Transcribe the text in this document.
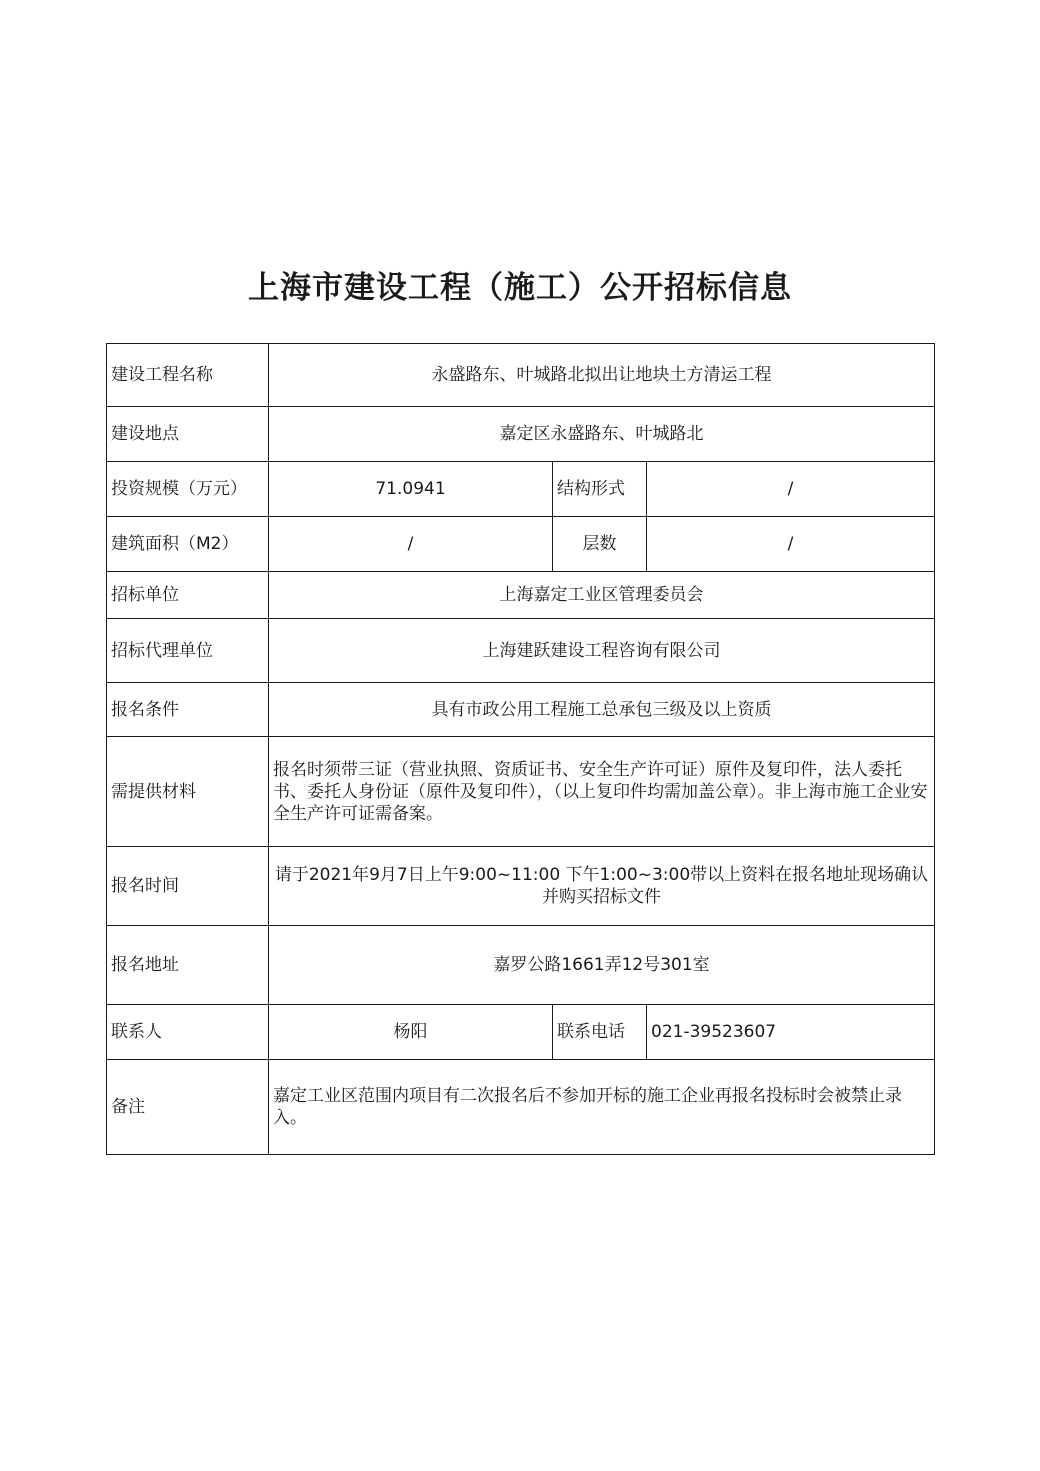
上海市建设工程（施工）公开招标信息
建设工程名称	永盛路东、叶城路北拟出让地块土方清运工程		
建设地点	嘉定区永盛路东、叶城路北		
投资规模（万元）	71.0941	结构形式	/
建筑面积（M2）	/	层数	/
招标单位	上海嘉定工业区管理委员会		
招标代理单位	上海建跃建设工程咨询有限公司		
报名条件	具有市政公用工程施工总承包三级及以上资质		
需提供材料	报名时须带三证（营业执照、资质证书、安全生产许可证）原件及复印件，法人委托书、委托人身份证（原件及复印件），（以上复印件均需加盖公章）。非上海市施工企业安全生产许可证需备案。		
报名时间	请于2021年9月7日上午9:00~11:00 下午1:00~3:00带以上资料在报名地址现场确认并购买招标文件		
报名地址	嘉罗公路1661弄12号301室		
联系人	杨阳	联系电话	021-39523607
备注	嘉定工业区范围内项目有二次报名后不参加开标的施工企业再报名投标时会被禁止录入。		
